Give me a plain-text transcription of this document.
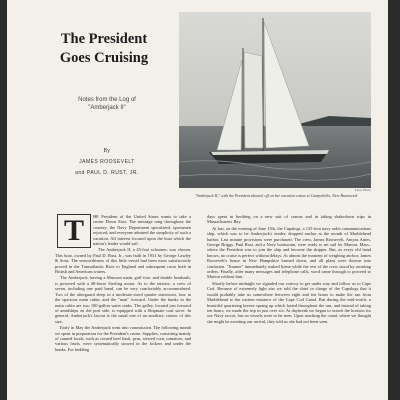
The President
Goes Cruising
Notes from the Log of
"Amberjack II"
By
JAMES ROOSEVELT
and PAUL D. RUST, JR.
Leon Photo
"Amberjack II," with the President aboard, off on her vacation cruise to Campobello, New Brunswick

HE President of the United States wants to take a cruise Down East. The message rang throughout the country; the Navy Department speculated, sportsmen rejoiced, and everyone admired the simplicity of such a vacation. All interest focused upon the boat which the nation's leader would sail.

The Amberjack II, a 45-foot schooner, was chosen. This boat, owned by Paul D. Rust, Jr., was built in 1931 by George Lawley & Sons. The seaworthiness of this little vessel had been most satisfactorily proved in the Transatlantic Race to England and subsequent races both in British and American waters.

The Amberjack, having a Marconi main, gaff fore, and double headsails, is powered with a 40-horse Sterling motor. As to the interior, a crew of seven, including one paid hand, can be very comfortably accommodated. Two of the afterguard sleep in a moderate-sized quarter stateroom, four in the spacious main cabin, and the "man" forward. Under the bunks in the main cabin are two 100-gallon water tanks. The galley, located just forward of amidships on the port side, is equipped with a Shipmate coal stove. In general, Amberjack's layout is the usual one of an auxiliary cruiser of this size.

Early in May the Amberjack went into commission. The following month we spent in preparation for the President's cruise. Supplies, consisting mainly of canned foods, such as corned beef hash, peas, stewed corn, tomatoes, and various fruits, were systematically stowed in the lockers and under the bunks. For bedding

T	days spent in berthing on a new suit of canvas and in taking shakedown trips in Massachusetts Bay.

At last, on the evening of June 15th, the Cupalogs, a 125-foot navy radio communications ship, which was to be Amberjack's tender, dropped anchor at the mouth of Marblehead harbor. Last minute provisions were purchased. The crew, James Roosevelt, Amyas Ames, George Briggs, Paul Rust, and a Navy boatswain, were ready to set sail for Marion, Mass., where the President was to join the ship and become the skipper. But, as every old hand knows, no cruise is perfect without delays. At almost the moment of weighing anchor, James Roosevelt's house in New Hampshire burned down, and all plans were thrown into confusion. "Jimmie" immediately rushed home while the rest of the crew stood by awaiting orders. Finally, after many messages and telephone calls, word came through to proceed to Marion without him.

Shortly before midnight we signaled our convoy to get under way and follow us to Cape Cod. Because of extremely light airs we told the chief in charge of the Cupalogs that it would probably take us somewhere between eight and ten hours to make the run from Marblehead to the eastern entrance of the Cape Cod Canal. But during the mid-watch, a beautiful quartering breeze sprang up which lasted throughout the run, and instead of taking ten hours, we made the trip in just over six. At daybreak we began to search the horizon for our Navy escort, but no vessels were to be seen. Upon reaching the canal, where we thought she might be awaiting our arrival, they told us she had not been seen.
